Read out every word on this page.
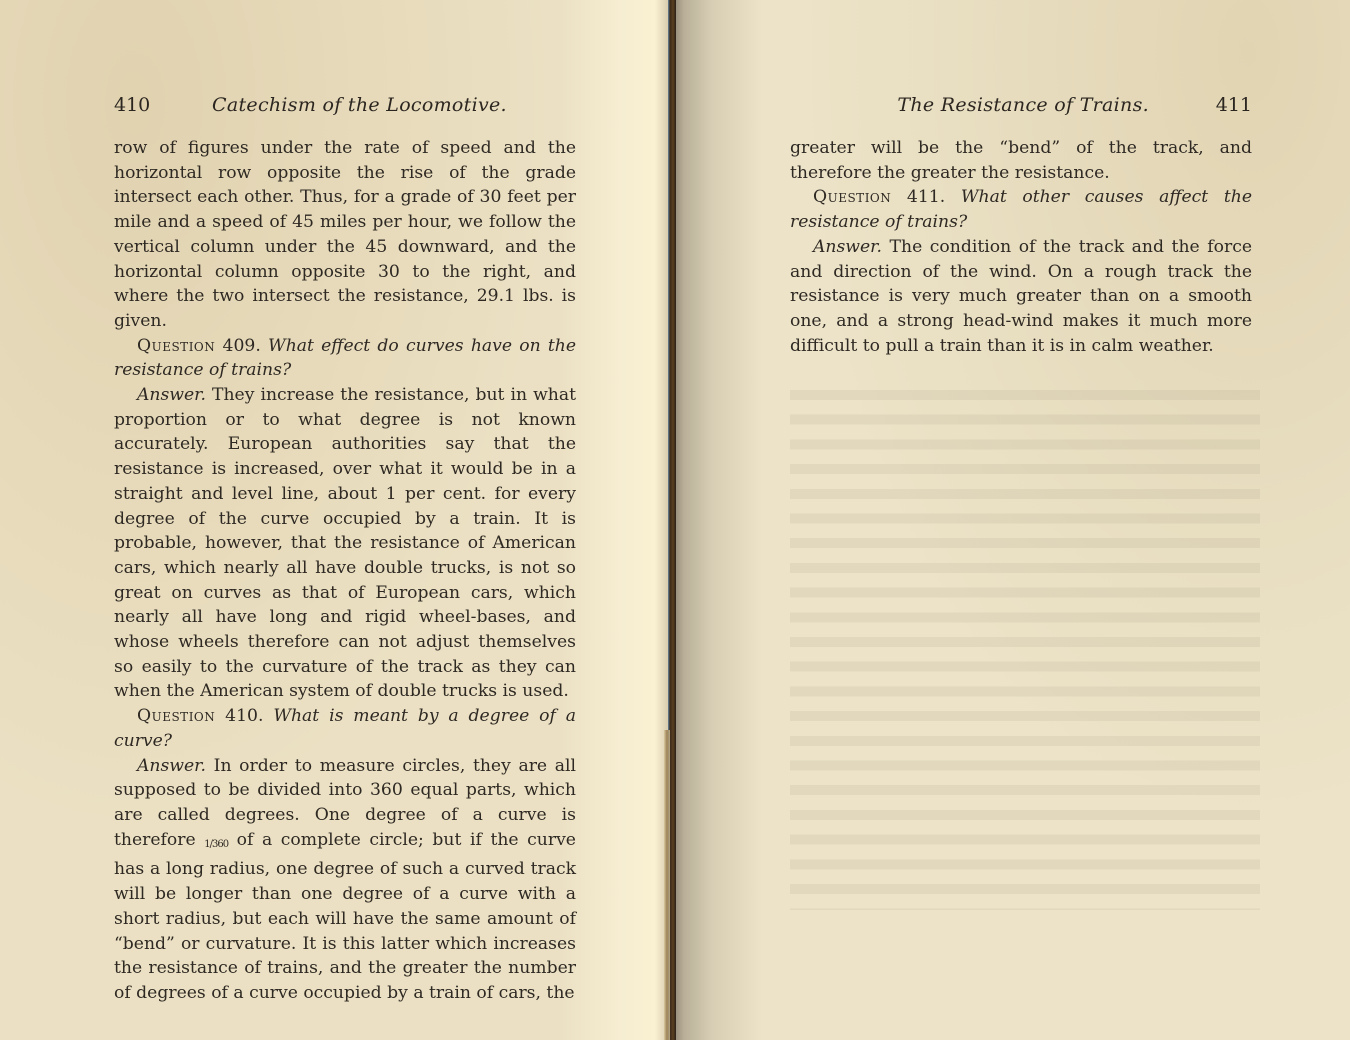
410	Catechism of the Locomotive.

row of figures under the rate of speed and the horizontal row opposite the rise of the grade intersect each other. Thus, for a grade of 30 feet per mile and a speed of 45 miles per hour, we follow the vertical column under the 45 downward, and the horizontal column opposite 30 to the right, and where the two intersect the resistance, 29.1 lbs. is given.

Question 409. What effect do curves have on the resistance of trains?

Answer. They increase the resistance, but in what proportion or to what degree is not known accurately. European authorities say that the resistance is increased, over what it would be in a straight and level line, about 1 per cent. for every degree of the curve occupied by a train. It is probable, however, that the resistance of American cars, which nearly all have double trucks, is not so great on curves as that of European cars, which nearly all have long and rigid wheel-bases, and whose wheels therefore can not adjust themselves so easily to the curvature of the track as they can when the American system of double trucks is used.

Question 410. What is meant by a degree of a curve?

Answer. In order to measure circles, they are all supposed to be divided into 360 equal parts, which are called degrees. One degree of a curve is therefore 1/360 of a complete circle; but if the curve has a long radius, one degree of such a curved track will be longer than one degree of a curve with a short radius, but each will have the same amount of “bend” or curvature. It is this latter which increases the resistance of trains, and the greater the number of degrees of a curve occupied by a train of cars, the

The Resistance of Trains.	411

greater will be the “bend” of the track, and therefore the greater the resistance.

Question 411. What other causes affect the resistance of trains?

Answer. The condition of the track and the force and direction of the wind. On a rough track the resistance is very much greater than on a smooth one, and a strong head-wind makes it much more difficult to pull a train than it is in calm weather.
